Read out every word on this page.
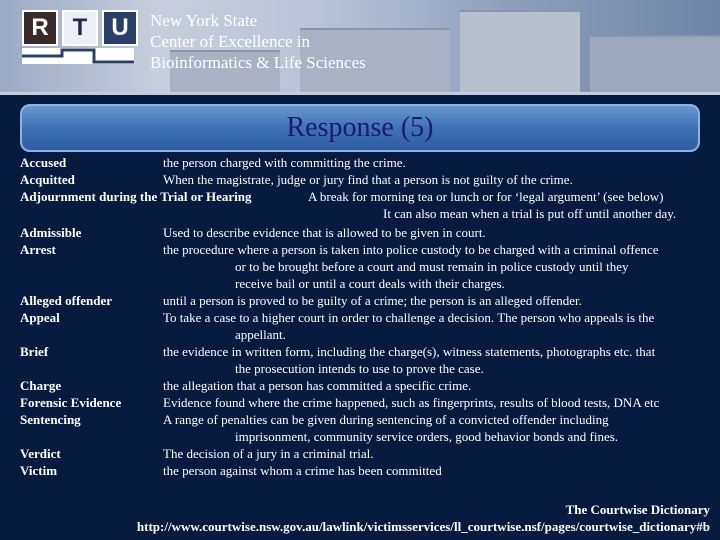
R T	U	New York State
Center of Excellence in
Bioinformatics & Life Sciences
Response (5)
Accused	the person charged with committing the crime.
Acquitted	When the magistrate, judge or jury find that a person is not guilty of the crime.
Adjournment during the Trial or Hearing	A break for morning tea or lunch or for ‘legal argument’ (see below)
It can also mean when a trial is put off until another day.
Admissible	Used to describe evidence that is allowed to be given in court.
Arrest	the procedure where a person is taken into police custody to be charged with a criminal offence
or to be brought before a court and must remain in police custody until they
receive bail or until a court deals with their charges.
Alleged offender	until a person is proved to be guilty of a crime; the person is an alleged offender.
Appeal	To take a case to a higher court in order to challenge a decision. The person who appeals is the
appellant.
Brief	the evidence in written form, including the charge(s), witness statements, photographs etc. that
the prosecution intends to use to prove the case.
Charge	the allegation that a person has committed a specific crime.
Forensic Evidence	Evidence found where the crime happened, such as fingerprints, results of blood tests, DNA etc
Sentencing	A range of penalties can be given during sentencing of a convicted offender including
imprisonment, community service orders, good behavior bonds and fines.
Verdict	The decision of a jury in a criminal trial.
Victim	the person against whom a crime has been committed
The Courtwise Dictionary
http://www.courtwise.nsw.gov.au/lawlink/victimsservices/ll_courtwise.nsf/pages/courtwise_dictionary#b
